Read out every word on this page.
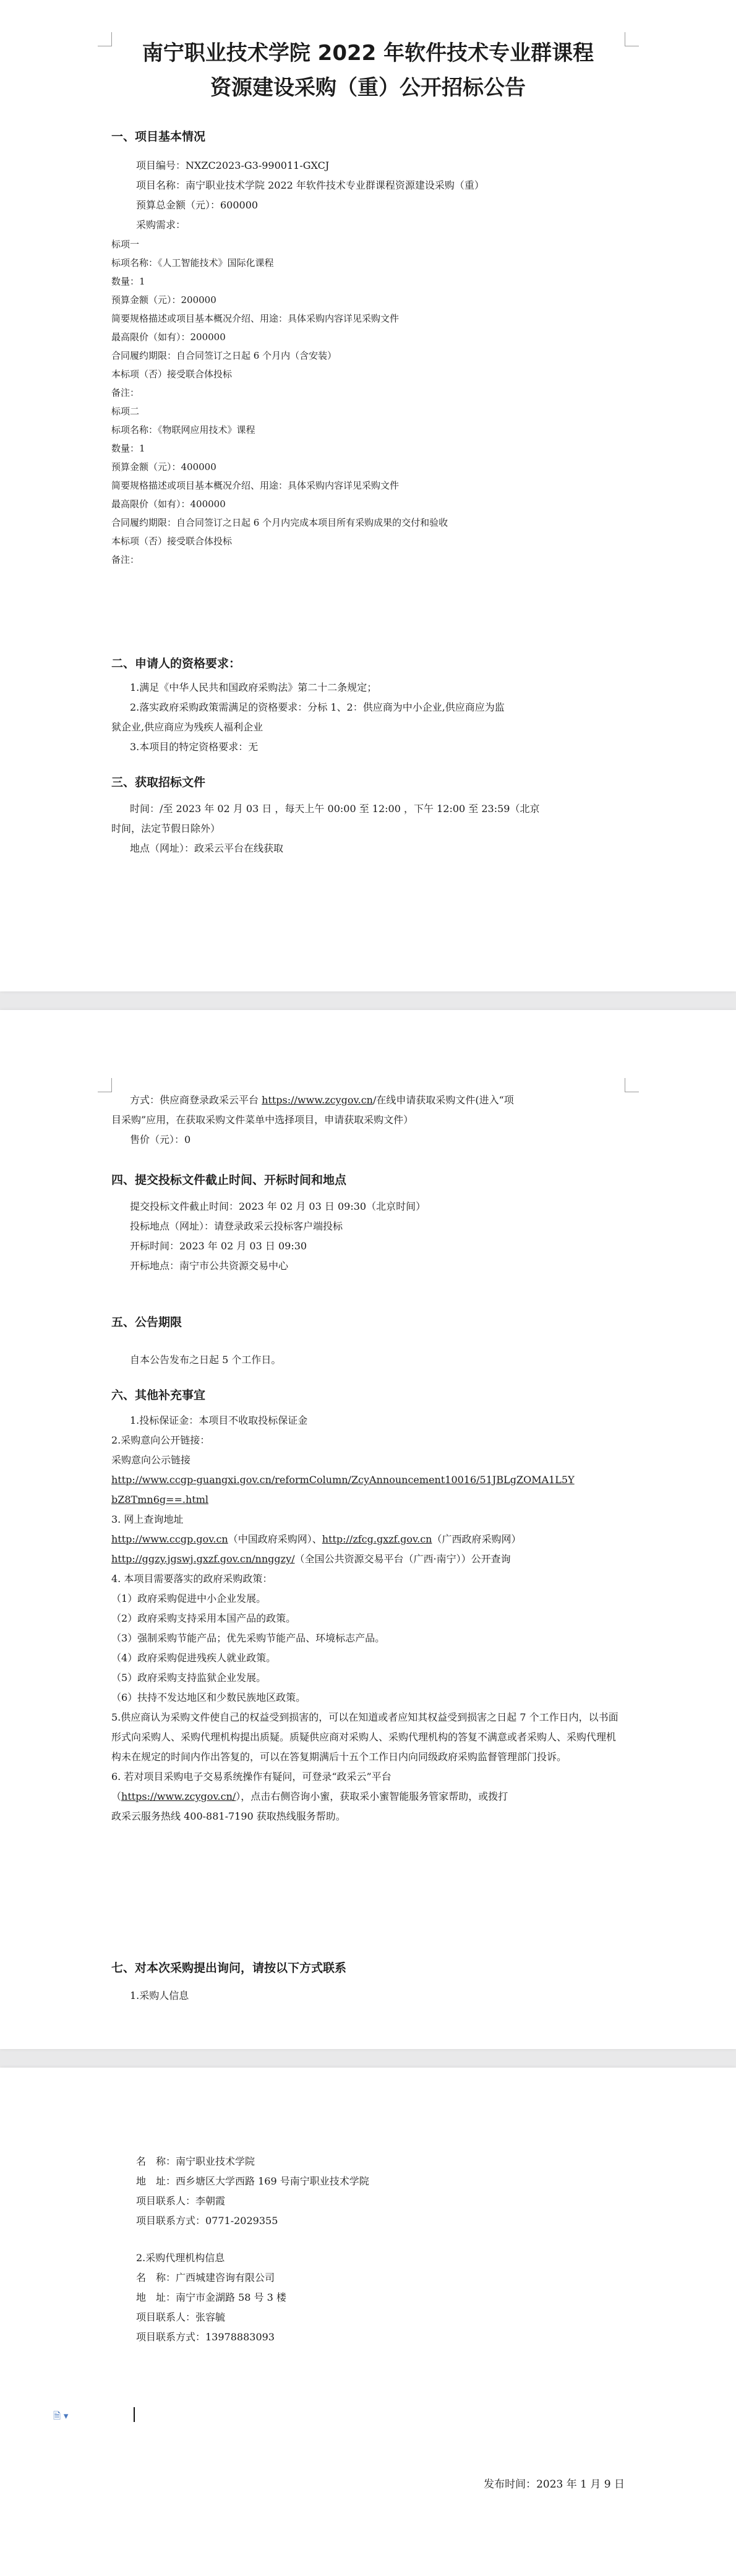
南宁职业技术学院 2022 年软件技术专业群课程

资源建设采购（重）公开招标公告

一、项目基本情况

项目编号：NXZC2023-G3-990011-GXCJ

项目名称：南宁职业技术学院 2022 年软件技术专业群课程资源建设采购（重）

预算总金额（元）：600000

采购需求：

标项一

标项名称：《人工智能技术》国际化课程

数量：1

预算金额（元）：200000

简要规格描述或项目基本概况介绍、用途：具体采购内容详见采购文件

最高限价（如有）：200000

合同履约期限：自合同签订之日起 6 个月内（含安装）

本标项（否）接受联合体投标

备注：

标项二

标项名称：《物联网应用技术》课程

数量：1

预算金额（元）：400000

简要规格描述或项目基本概况介绍、用途：具体采购内容详见采购文件

最高限价（如有）：400000

合同履约期限：自合同签订之日起 6 个月内完成本项目所有采购成果的交付和验收

本标项（否）接受联合体投标

备注：

二、申请人的资格要求：

1.满足《中华人民共和国政府采购法》第二十二条规定；

2.落实政府采购政策需满足的资格要求：分标 1、2：供应商为中小企业,供应商应为监

狱企业,供应商应为残疾人福利企业

3.本项目的特定资格要求：无

三、获取招标文件

时间：/至 2023 年 02 月 03 日 ，每天上午 00:00 至 12:00 ，下午 12:00 至 23:59（北京

时间，法定节假日除外）

地点（网址）：政采云平台在线获取

方式：供应商登录政采云平台 https://www.zcygov.cn/在线申请获取采购文件(进入“项

目采购”应用，在获取采购文件菜单中选择项目，申请获取采购文件）

售价（元）：0

四、提交投标文件截止时间、开标时间和地点

提交投标文件截止时间：2023 年 02 月 03 日 09:30（北京时间）

投标地点（网址）：请登录政采云投标客户端投标

开标时间：2023 年 02 月 03 日 09:30

开标地点：南宁市公共资源交易中心

五、公告期限

自本公告发布之日起 5 个工作日。

六、其他补充事宜

1.投标保证金：本项目不收取投标保证金

2.采购意向公开链接：

采购意向公示链接

http://www.ccgp-guangxi.gov.cn/reformColumn/ZcyAnnouncement10016/51JBLgZOMA1L5Y

bZ8Tmn6g==.html

3. 网上查询地址

http://www.ccgp.gov.cn（中国政府采购网）、http://zfcg.gxzf.gov.cn（广西政府采购网）

http://ggzy.jgswj.gxzf.gov.cn/nnggzy/（全国公共资源交易平台（广西·南宁））公开查询

4. 本项目需要落实的政府采购政策：

（1）政府采购促进中小企业发展。

（2）政府采购支持采用本国产品的政策。

（3）强制采购节能产品；优先采购节能产品、环境标志产品。

（4）政府采购促进残疾人就业政策。

（5）政府采购支持监狱企业发展。

（6）扶持不发达地区和少数民族地区政策。

5.供应商认为采购文件使自己的权益受到损害的，可以在知道或者应知其权益受到损害之日起 7 个工作日内，以书面形式向采购人、采购代理机构提出质疑。质疑供应商对采购人、采购代理机构的答复不满意或者采购人、采购代理机构未在规定的时间内作出答复的，可以在答复期满后十五个工作日内向同级政府采购监督管理部门投诉。

6. 若对项目采购电子交易系统操作有疑问，可登录“政采云”平台

（https://www.zcygov.cn/），点击右侧咨询小蜜，获取采小蜜智能服务管家帮助，或拨打

政采云服务热线 400-881-7190 获取热线服务帮助。

七、对本次采购提出询问，请按以下方式联系

1.采购人信息

名　称：南宁职业技术学院

地　址：西乡塘区大学西路 169 号南宁职业技术学院

项目联系人：李朝霞

项目联系方式：0771-2029355

2.采购代理机构信息

名　称：广西城建咨询有限公司

地　址：南宁市金湖路 58 号 3 楼

项目联系人：张容毓

项目联系方式：13978883093

🗎 ▾

发布时间：2023 年 1 月 9 日
